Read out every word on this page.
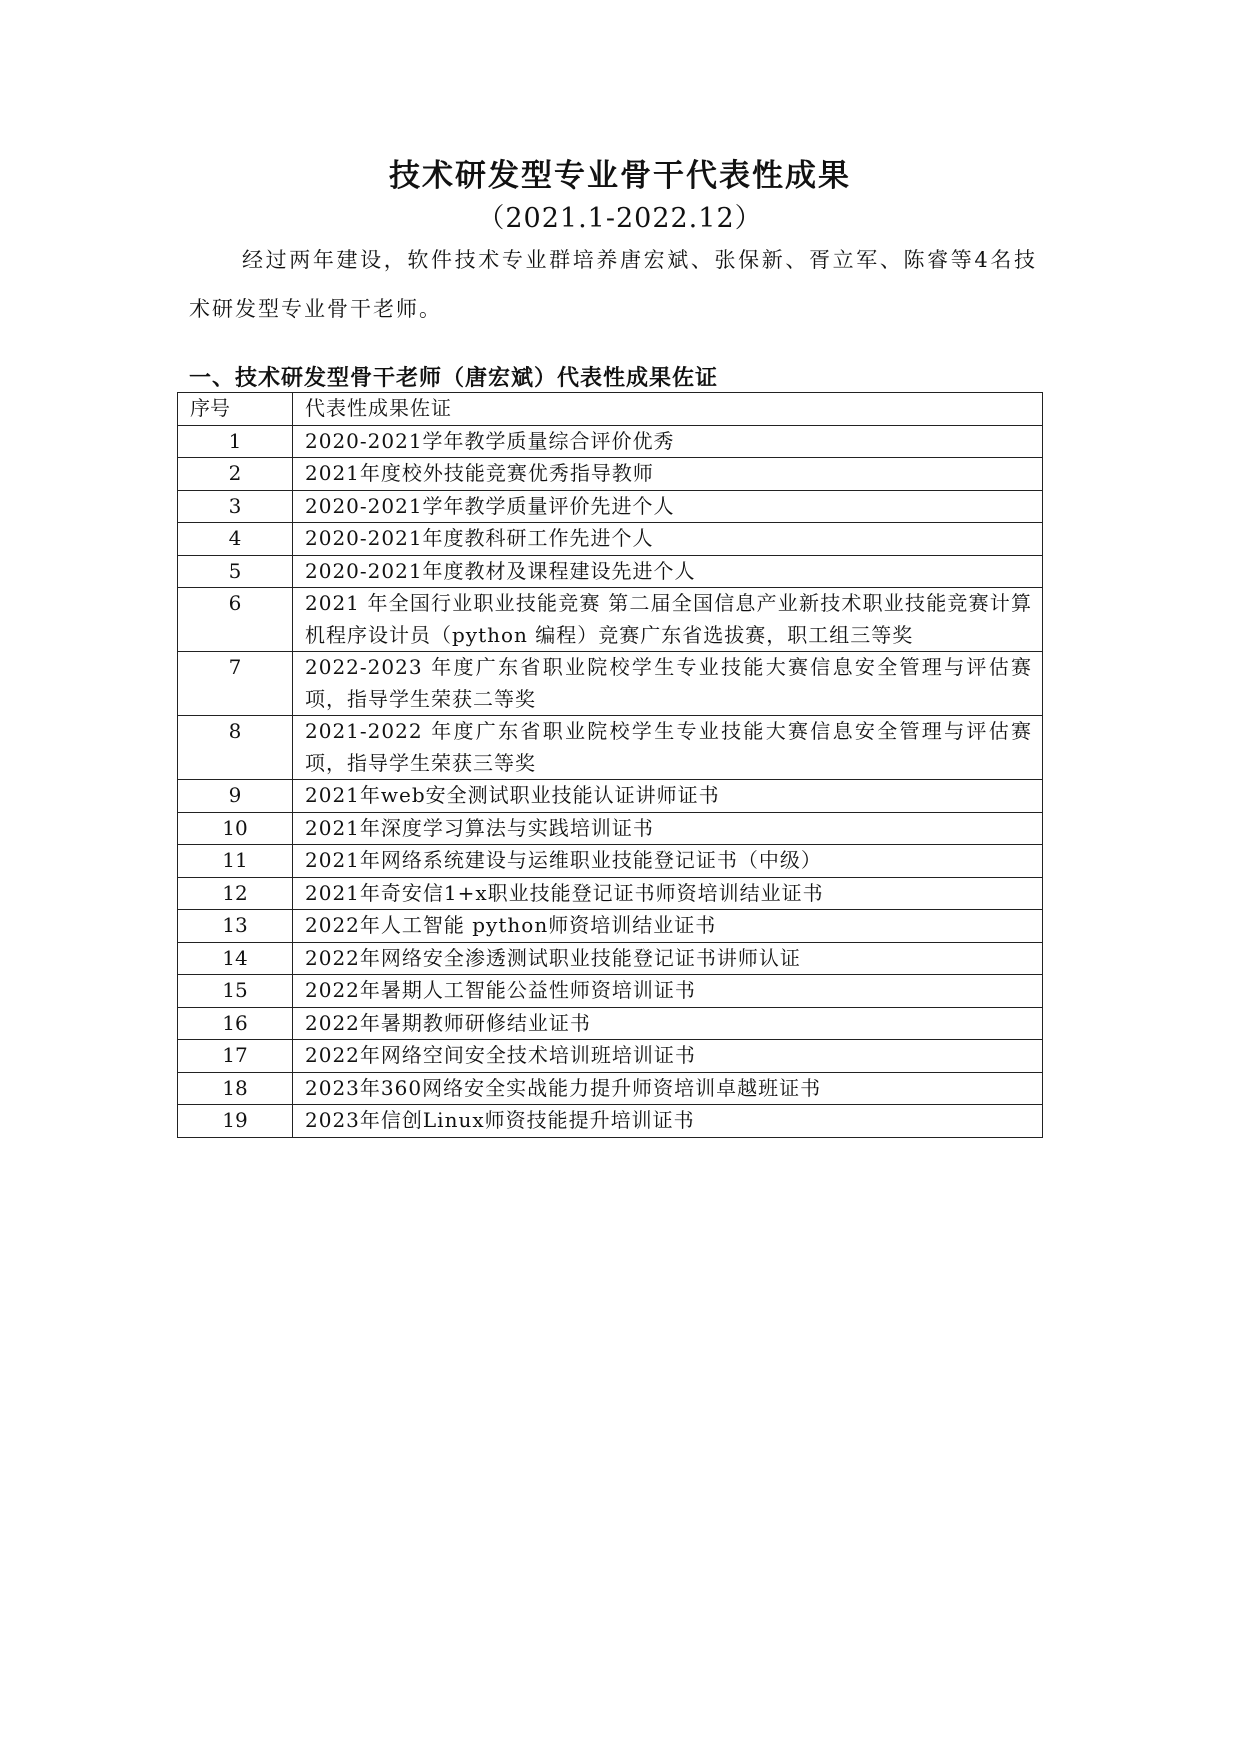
技术研发型专业骨干代表性成果
（2021.1-2022.12）

经过两年建设，软件技术专业群培养唐宏斌、张保新、胥立军、陈睿等4名技术研发型专业骨干老师。

一、技术研发型骨干老师（唐宏斌）代表性成果佐证
序号	代表性成果佐证
1	2020-2021学年教学质量综合评价优秀
2	2021年度校外技能竞赛优秀指导教师
3	2020-2021学年教学质量评价先进个人
4	2020-2021年度教科研工作先进个人
5	2020-2021年度教材及课程建设先进个人
6	2021 年全国行业职业技能竞赛 第二届全国信息产业新技术职业技能竞赛计算机程序设计员（python 编程）竞赛广东省选拔赛，职工组三等奖
7	2022-2023 年度广东省职业院校学生专业技能大赛信息安全管理与评估赛项，指导学生荣获二等奖
8	2021-2022 年度广东省职业院校学生专业技能大赛信息安全管理与评估赛项，指导学生荣获三等奖
9	2021年web安全测试职业技能认证讲师证书
10	2021年深度学习算法与实践培训证书
11	2021年网络系统建设与运维职业技能登记证书（中级）
12	2021年奇安信1+x职业技能登记证书师资培训结业证书
13	2022年人工智能 python师资培训结业证书
14	2022年网络安全渗透测试职业技能登记证书讲师认证
15	2022年暑期人工智能公益性师资培训证书
16	2022年暑期教师研修结业证书
17	2022年网络空间安全技术培训班培训证书
18	2023年360网络安全实战能力提升师资培训卓越班证书
19	2023年信创Linux师资技能提升培训证书
